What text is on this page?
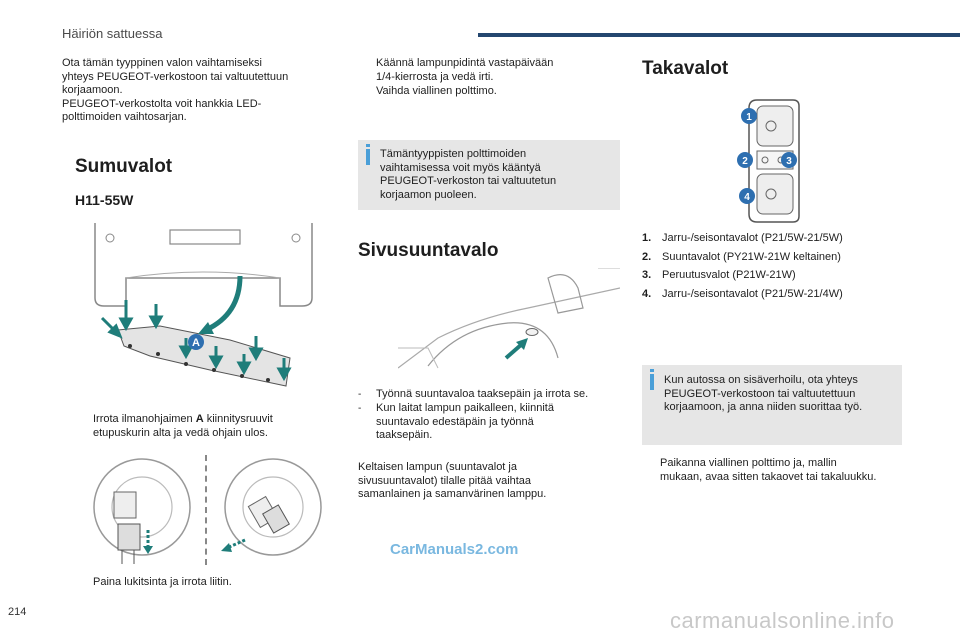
Häiriön sattuessa
Ota tämän tyyppinen valon vaihtamiseksi
yhteys PEUGEOT-verkostoon tai valtuutettuun
korjaamoon.
PEUGEOT-verkostolta voit hankkia LED-
polttimoiden vaihtosarjan.
Sumuvalot
H11-55W
A
Irrota ilmanohjaimen A kiinnitysruuvit
etupuskurin alta ja vedä ohjain ulos.
Paina lukitsinta ja irrota liitin.
Käännä lampunpidintä vastapäivään
1/4-kierrosta ja vedä irti.
Vaihda viallinen polttimo.
Tämäntyyppisten polttimoiden
vaihtamisessa voit myös kääntyä
PEUGEOT-verkoston tai valtuutetun
korjaamon puoleen.
Sivusuuntavalo
- Työnnä suuntavaloa taaksepäin ja irrota se.
- Kun laitat lampun paikalleen, kiinnitä
suuntavalo edestäpäin ja työnnä
taaksepäin.
Keltaisen lampun (suuntavalot ja
sivusuuntavalot) tilalle pitää vaihtaa
samanlainen ja samanvärinen lamppu.
Takavalot
1
2	3
4
1. Jarru-/seisontavalot (P21/5W-21/5W)
2. Suuntavalot (PY21W-21W keltainen)
3. Peruutusvalot (P21W-21W)
4. Jarru-/seisontavalot (P21/5W-21/4W)
Kun autossa on sisäverhoilu, ota yhteys
PEUGEOT-verkostoon tai valtuutettuun
korjaamoon, ja anna niiden suorittaa työ.
Paikanna viallinen polttimo ja, mallin
mukaan, avaa sitten takaovet tai takaluukku.
214
CarManuals2.com
carmanualsonline.info
